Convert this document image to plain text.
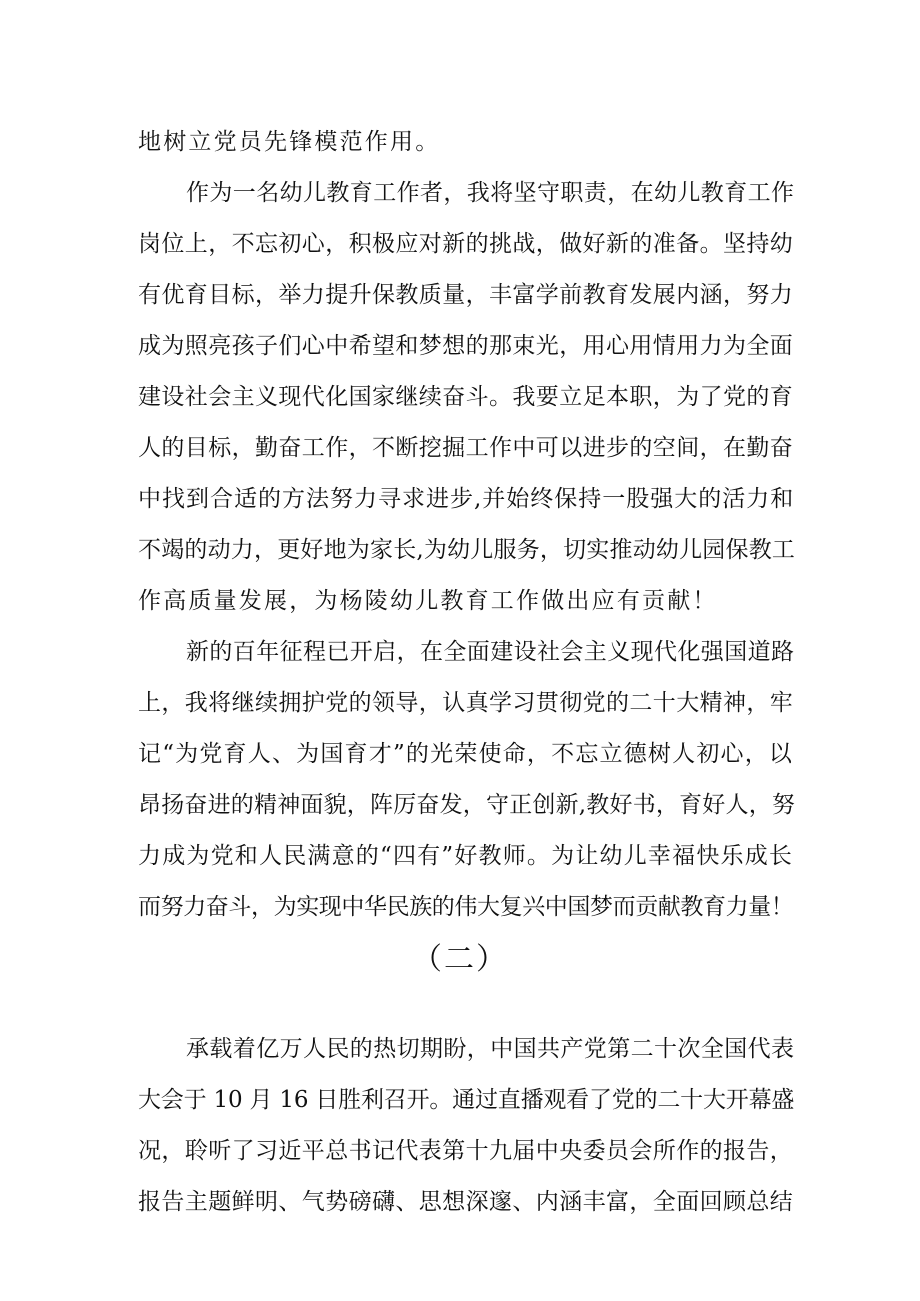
地树立党员先锋模范作用。
作为一名幼儿教育工作者，我将坚守职责，在幼儿教育工作
岗位上，不忘初心，积极应对新的挑战，做好新的准备。坚持幼
有优育目标，举力提升保教质量，丰富学前教育发展内涵，努力
成为照亮孩子们心中希望和梦想的那束光，用心用情用力为全面
建设社会主义现代化国家继续奋斗。我要立足本职，为了党的育
人的目标，勤奋工作，不断挖掘工作中可以进步的空间，在勤奋
中找到合适的方法努力寻求进步,并始终保持一股强大的活力和
不竭的动力，更好地为家长,为幼儿服务，切实推动幼儿园保教工
作高质量发展，为杨陵幼儿教育工作做出应有贡献！
新的百年征程已开启，在全面建设社会主义现代化强国道路
上，我将继续拥护党的领导，认真学习贯彻党的二十大精神，牢
记“为党育人、为国育才”的光荣使命，不忘立德树人初心，以
昂扬奋进的精神面貌，阵厉奋发，守正创新,教好书，育好人，努
力成为党和人民满意的“四有”好教师。为让幼儿幸福快乐成长
而努力奋斗，为实现中华民族的伟大复兴中国梦而贡献教育力量！
（二）
承载着亿万人民的热切期盼，中国共产党第二十次全国代表
大会于 10 月 16 日胜利召开。通过直播观看了党的二十大开幕盛
况，聆听了习近平总书记代表第十九届中央委员会所作的报告，
报告主题鲜明、气势磅礴、思想深邃、内涵丰富，全面回顾总结
